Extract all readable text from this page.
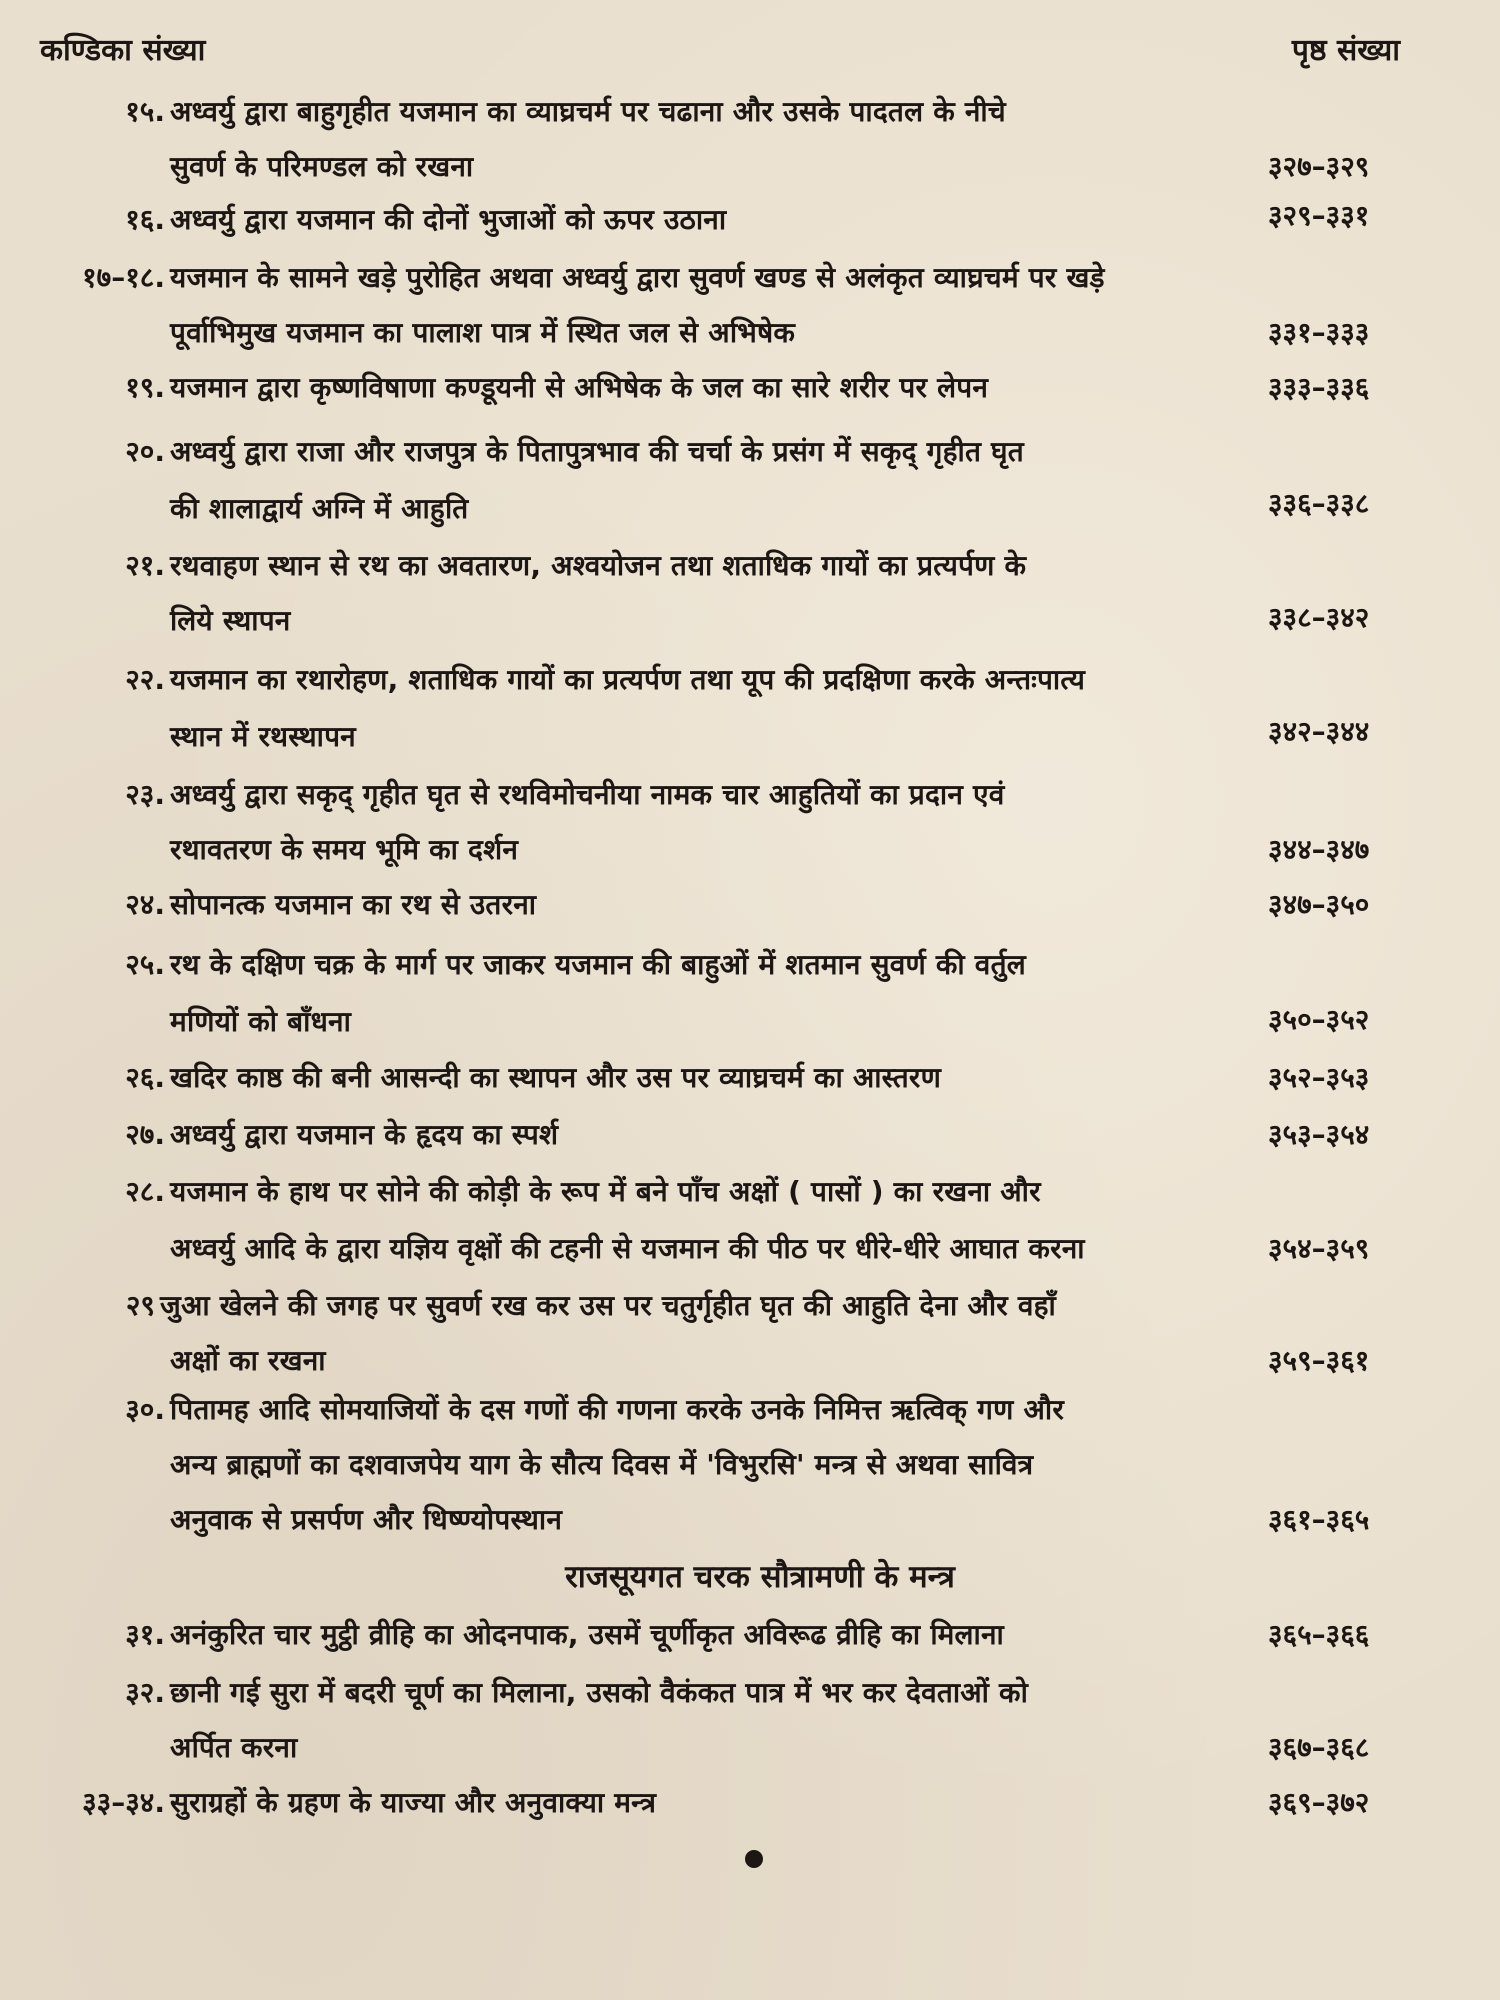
कण्डिका संख्या	पृष्ठ संख्या
१५. अध्वर्यु द्वारा बाहुगृहीत यजमान का व्याघ्रचर्म पर चढाना और उसके पादतल के नीचे
सुवर्ण के परिमण्डल को रखना	३२७–३२९
१६. अध्वर्यु द्वारा यजमान की दोनों भुजाओं को ऊपर उठाना	३२९–३३१
१७–१८. यजमान के सामने खड़े पुरोहित अथवा अध्वर्यु द्वारा सुवर्ण खण्ड से अलंकृत व्याघ्रचर्म पर खड़े
पूर्वाभिमुख यजमान का पालाश पात्र में स्थित जल से अभिषेक	३३१–३३३
१९. यजमान द्वारा कृष्णविषाणा कण्डूयनी से अभिषेक के जल का सारे शरीर पर लेपन	३३३–३३६
२०. अध्वर्यु द्वारा राजा और राजपुत्र के पितापुत्रभाव की चर्चा के प्रसंग में सकृद् गृहीत घृत
की शालाद्वार्य अग्नि में आहुति	३३६–३३८
२१. रथवाहण स्थान से रथ का अवतारण, अश्वयोजन तथा शताधिक गायों का प्रत्यर्पण के
लिये स्थापन	३३८–३४२
२२. यजमान का रथारोहण, शताधिक गायों का प्रत्यर्पण तथा यूप की प्रदक्षिणा करके अन्तःपात्य
स्थान में रथस्थापन	३४२–३४४
२३. अध्वर्यु द्वारा सकृद् गृहीत घृत से रथविमोचनीया नामक चार आहुतियों का प्रदान एवं
रथावतरण के समय भूमि का दर्शन	३४४–३४७
२४. सोपानत्क यजमान का रथ से उतरना	३४७–३५०
२५. रथ के दक्षिण चक्र के मार्ग पर जाकर यजमान की बाहुओं में शतमान सुवर्ण की वर्तुल
मणियों को बाँधना	३५०–३५२
२६. खदिर काष्ठ की बनी आसन्दी का स्थापन और उस पर व्याघ्रचर्म का आस्तरण	३५२–३५३
२७. अध्वर्यु द्वारा यजमान के हृदय का स्पर्श	३५३–३५४
२८. यजमान के हाथ पर सोने की कोड़ी के रूप में बने पाँच अक्षों ( पासों ) का रखना और
अध्वर्यु आदि के द्वारा यज्ञिय वृक्षों की टहनी से यजमान की पीठ पर धीरे-धीरे आघात करना	३५४–३५९
२९ जुआ खेलने की जगह पर सुवर्ण रख कर उस पर चतुर्गृहीत घृत की आहुति देना और वहाँ
अक्षों का रखना	३५९–३६१
३०. पितामह आदि सोमयाजियों के दस गणों की गणना करके उनके निमित्त ऋत्विक् गण और
अन्य ब्राह्मणों का दशवाजपेय याग के सौत्य दिवस में 'विभुरसि' मन्त्र से अथवा सावित्र
अनुवाक से प्रसर्पण और धिष्ण्योपस्थान	३६१–३६५
राजसूयगत चरक सौत्रामणी के मन्त्र
३१. अनंकुरित चार मुट्ठी व्रीहि का ओदनपाक, उसमें चूर्णीकृत अविरूढ व्रीहि का मिलाना	३६५–३६६
३२. छानी गई सुरा में बदरी चूर्ण का मिलाना, उसको वैकंकत पात्र में भर कर देवताओं को
अर्पित करना	३६७–३६८
३३–३४. सुराग्रहों के ग्रहण के याज्या और अनुवाक्या मन्त्र	३६९–३७२
